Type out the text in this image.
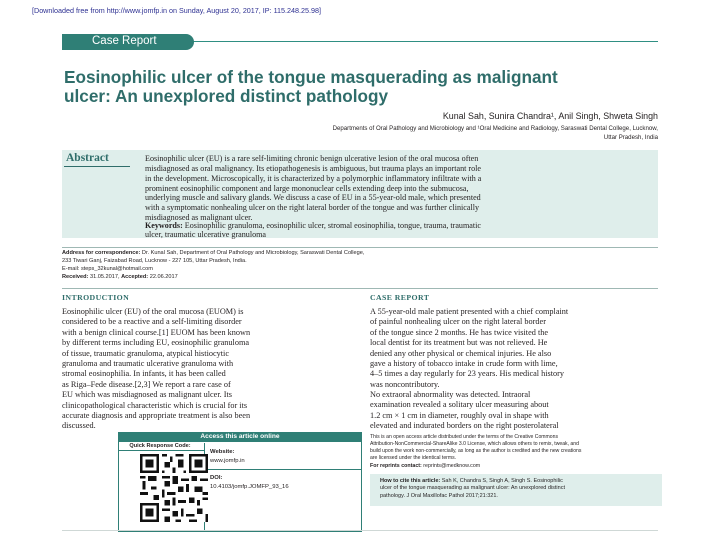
[Downloaded free from http://www.jomfp.in on Sunday, August 20, 2017, IP: 115.248.25.98]
Case Report
Eosinophilic ulcer of the tongue masquerading as malignant
ulcer: An unexplored distinct pathology
Kunal Sah, Sunira Chandra¹, Anil Singh, Shweta Singh
Departments of Oral Pathology and Microbiology and ¹Oral Medicine and Radiology, Saraswati Dental College, Lucknow,
Uttar Pradesh, India
Abstract	Eosinophilic ulcer (EU) is a rare self-limiting chronic benign ulcerative lesion of the oral mucosa often
misdiagnosed as oral malignancy. Its etiopathogenesis is ambiguous, but trauma plays an important role
in the development. Microscopically, it is characterized by a polymorphic inflammatory infiltrate with a
prominent eosinophilic component and large mononuclear cells extending deep into the submucosa,
underlying muscle and salivary glands. We discuss a case of EU in a 55-year-old male, which presented
with a symptomatic nonhealing ulcer on the right lateral border of the tongue and was further clinically
misdiagnosed as malignant ulcer.
Keywords: Eosinophilic granuloma, eosinophilic ulcer, stromal eosinophilia, tongue, trauma, traumatic
ulcer, traumatic ulcerative granuloma
Address for correspondence: Dr. Kunal Sah, Department of Oral Pathology and Microbiology, Saraswati Dental College,
233 Tiwari Ganj, Faizabad Road, Lucknow - 227 105, Uttar Pradesh, India.
E-mail: steps_32kunal@hotmail.com
Received: 31.05.2017, Accepted: 22.06.2017
INTRODUCTION
Eosinophilic ulcer (EU) of the oral mucosa (EUOM) is
considered to be a reactive and a self-limiting disorder
with a benign clinical course.[1] EUOM has been known
by different terms including EU, eosinophilic granuloma
of tissue, traumatic granuloma, atypical histiocytic
granuloma and traumatic ulcerative granuloma with
stromal eosinophilia. In infants, it has been called
as Riga–Fede disease.[2,3] We report a rare case of
EU which was misdiagnosed as malignant ulcer. Its
clinicopathological characteristic which is crucial for its
accurate diagnosis and appropriate treatment is also been
discussed.
CASE REPORT
A 55-year-old male patient presented with a chief complaint
of painful nonhealing ulcer on the right lateral border
of the tongue since 2 months. He has twice visited the
local dentist for its treatment but was not relieved. He
denied any other physical or chemical injuries. He also
gave a history of tobacco intake in crude form with lime,
4–5 times a day regularly for 23 years. His medical history
was noncontributory.
No extraoral abnormality was detected. Intraoral
examination revealed a solitary ulcer measuring about
1.2 cm × 1 cm in diameter, roughly oval in shape with
elevated and indurated borders on the right posterolateral
Access this article online
Quick Response Code:
Website:
www.jomfp.in
DOI:
10.4103/jomfp.JOMFP_93_16
This is an open access article distributed under the terms of the Creative Commons
Attribution-NonCommercial-ShareAlike 3.0 License, which allows others to remix, tweak, and
build upon the work non-commercially, as long as the author is credited and the new creations
are licensed under the identical terms.
For reprints contact: reprints@medknow.com
How to cite this article: Sah K, Chandra S, Singh A, Singh S. Eosinophilic
ulcer of the tongue masquerading as malignant ulcer: An unexplored distinct
pathology. J Oral Maxillofac Pathol 2017;21:321.
